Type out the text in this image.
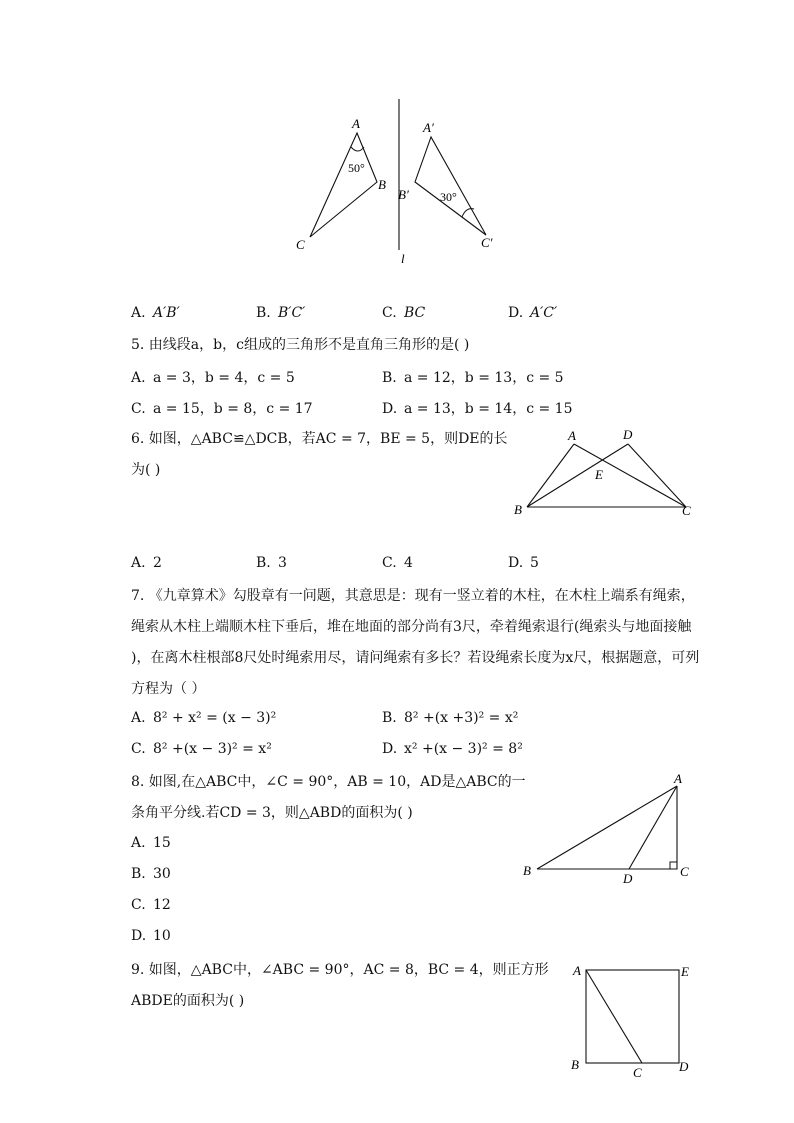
A
B
C
50°
l
A′
B′
C′
30°
A. A′B′	B. B′C′	C. BC	D. A′C′
5. 由线段a，b，c组成的三角形不是直角三角形的是( )
A. a = 3，b = 4，c = 5	B. a = 12，b = 13，c = 5
C. a = 15，b = 8，c = 17	D. a = 13，b = 14，c = 15
6. 如图，△ABC≌△DCB，若AC = 7，BE = 5，则DE的长
为( )
A	D
E
B	C
A. 2	B. 3	C. 4	D. 5
7. 《九章算术》勾股章有一问题，其意思是：现有一竖立着的木柱，在木柱上端系有绳索，
绳索从木柱上端顺木柱下垂后，堆在地面的部分尚有3尺，牵着绳索退行(绳索头与地面接触
)，在离木柱根部8尺处时绳索用尽，请问绳索有多长？若设绳索长度为x尺，根据题意，可列
方程为（ ）
A. 8² + x² = (x − 3)²	B. 8² +(x +3)² = x²
C. 8² +(x − 3)² = x²	D. x² +(x − 3)² = 8²
8. 如图,在△ABC中，∠C = 90°，AB = 10，AD是△ABC的一
条角平分线.若CD = 3，则△ABD的面积为( )
A
B	C
D
A. 15
B. 30
C. 12
D. 10
9. 如图，△ABC中，∠ABC = 90°，AC = 8，BC = 4，则正方形
ABDE的面积为( )
A	E
B
C	D
